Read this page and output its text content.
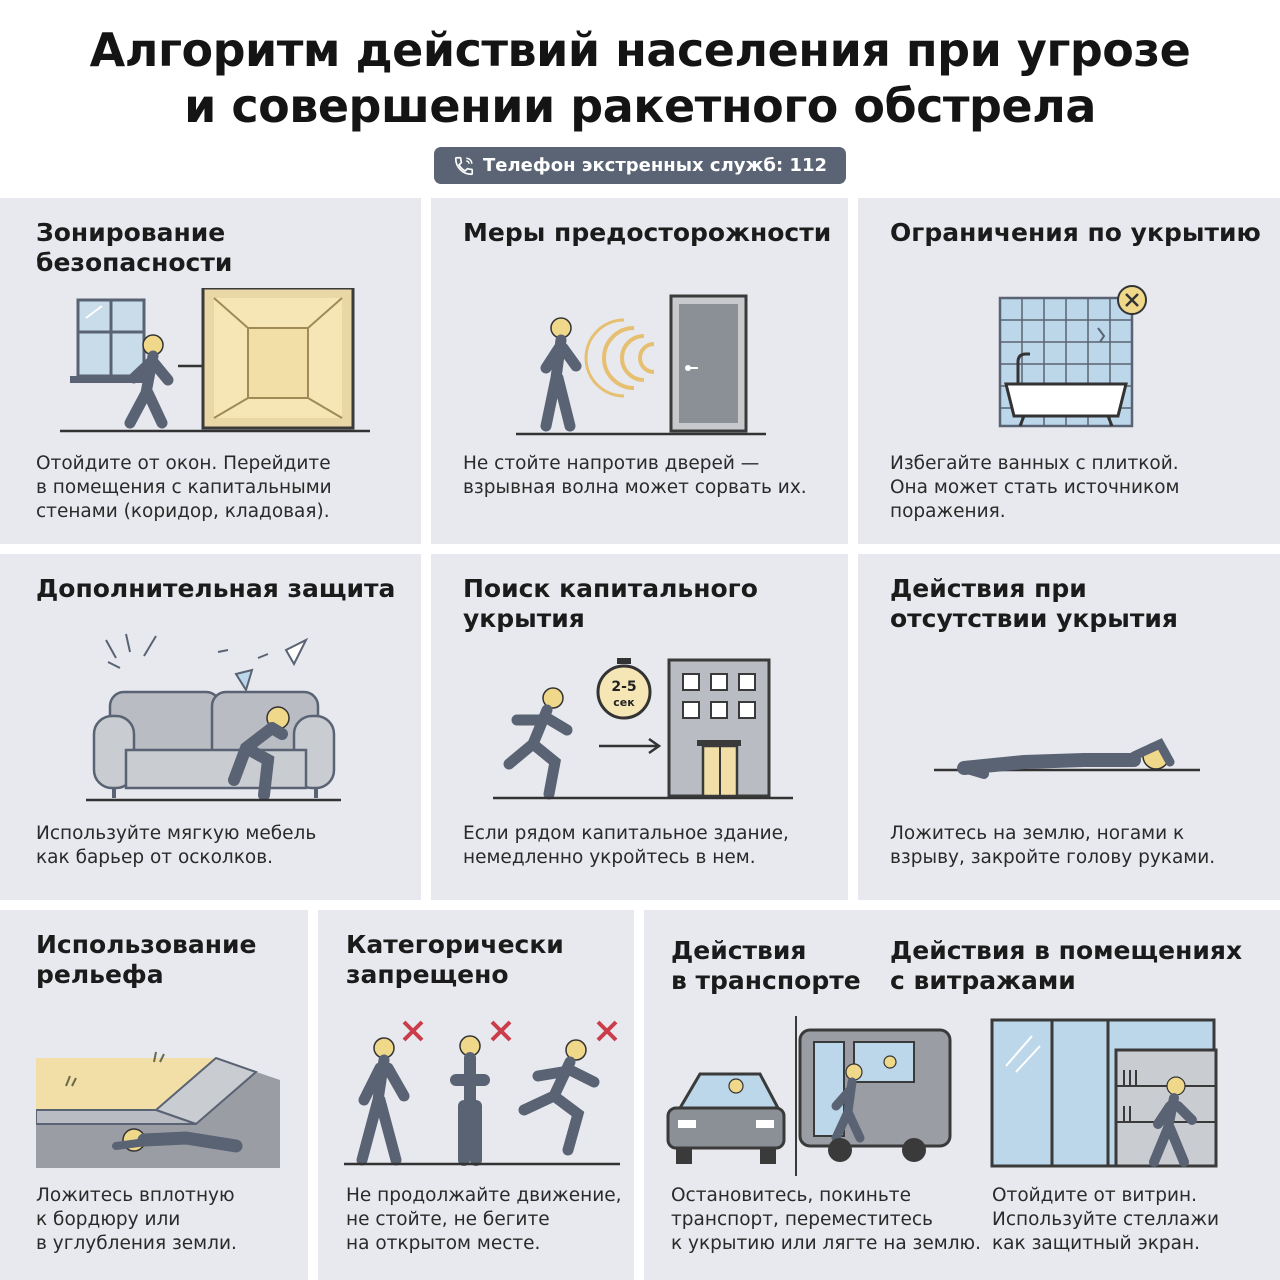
Алгоритм действий населения при угрозе
и совершении ракетного обстрела
Телефон экстренных служб: 112
Зонирование
безопасности

Отойдите от окон. Перейдите
в помещения с капитальными
стенами (коридор, кладовая).

Меры предосторожности

Не стойте напротив дверей —
взрывная волна может сорвать их.

Ограничения по укрытию

Избегайте ванных с плиткой.
Она может стать источником
поражения.

Дополнительная защита

Используйте мягкую мебель
как барьер от осколков.

Поиск капитального
укрытия
2-5
сек

Если рядом капитальное здание,
немедленно укройтесь в нем.

Действия при
отсутствии укрытия

Ложитесь на землю, ногами к
взрыву, закройте голову руками.

Использование
рельефа

Ложитесь вплотную
к бордюру или
в углубления земли.

Категорически
запрещено

Не продолжайте движение,
не стойте, не бегите
на открытом месте.

Действия
в транспорте
Действия в помещениях
с витражами

Остановитесь, покиньте
транспорт, переместитесь
к укрытию или лягте на землю.

Отойдите от витрин.
Используйте стеллажи
как защитный экран.
